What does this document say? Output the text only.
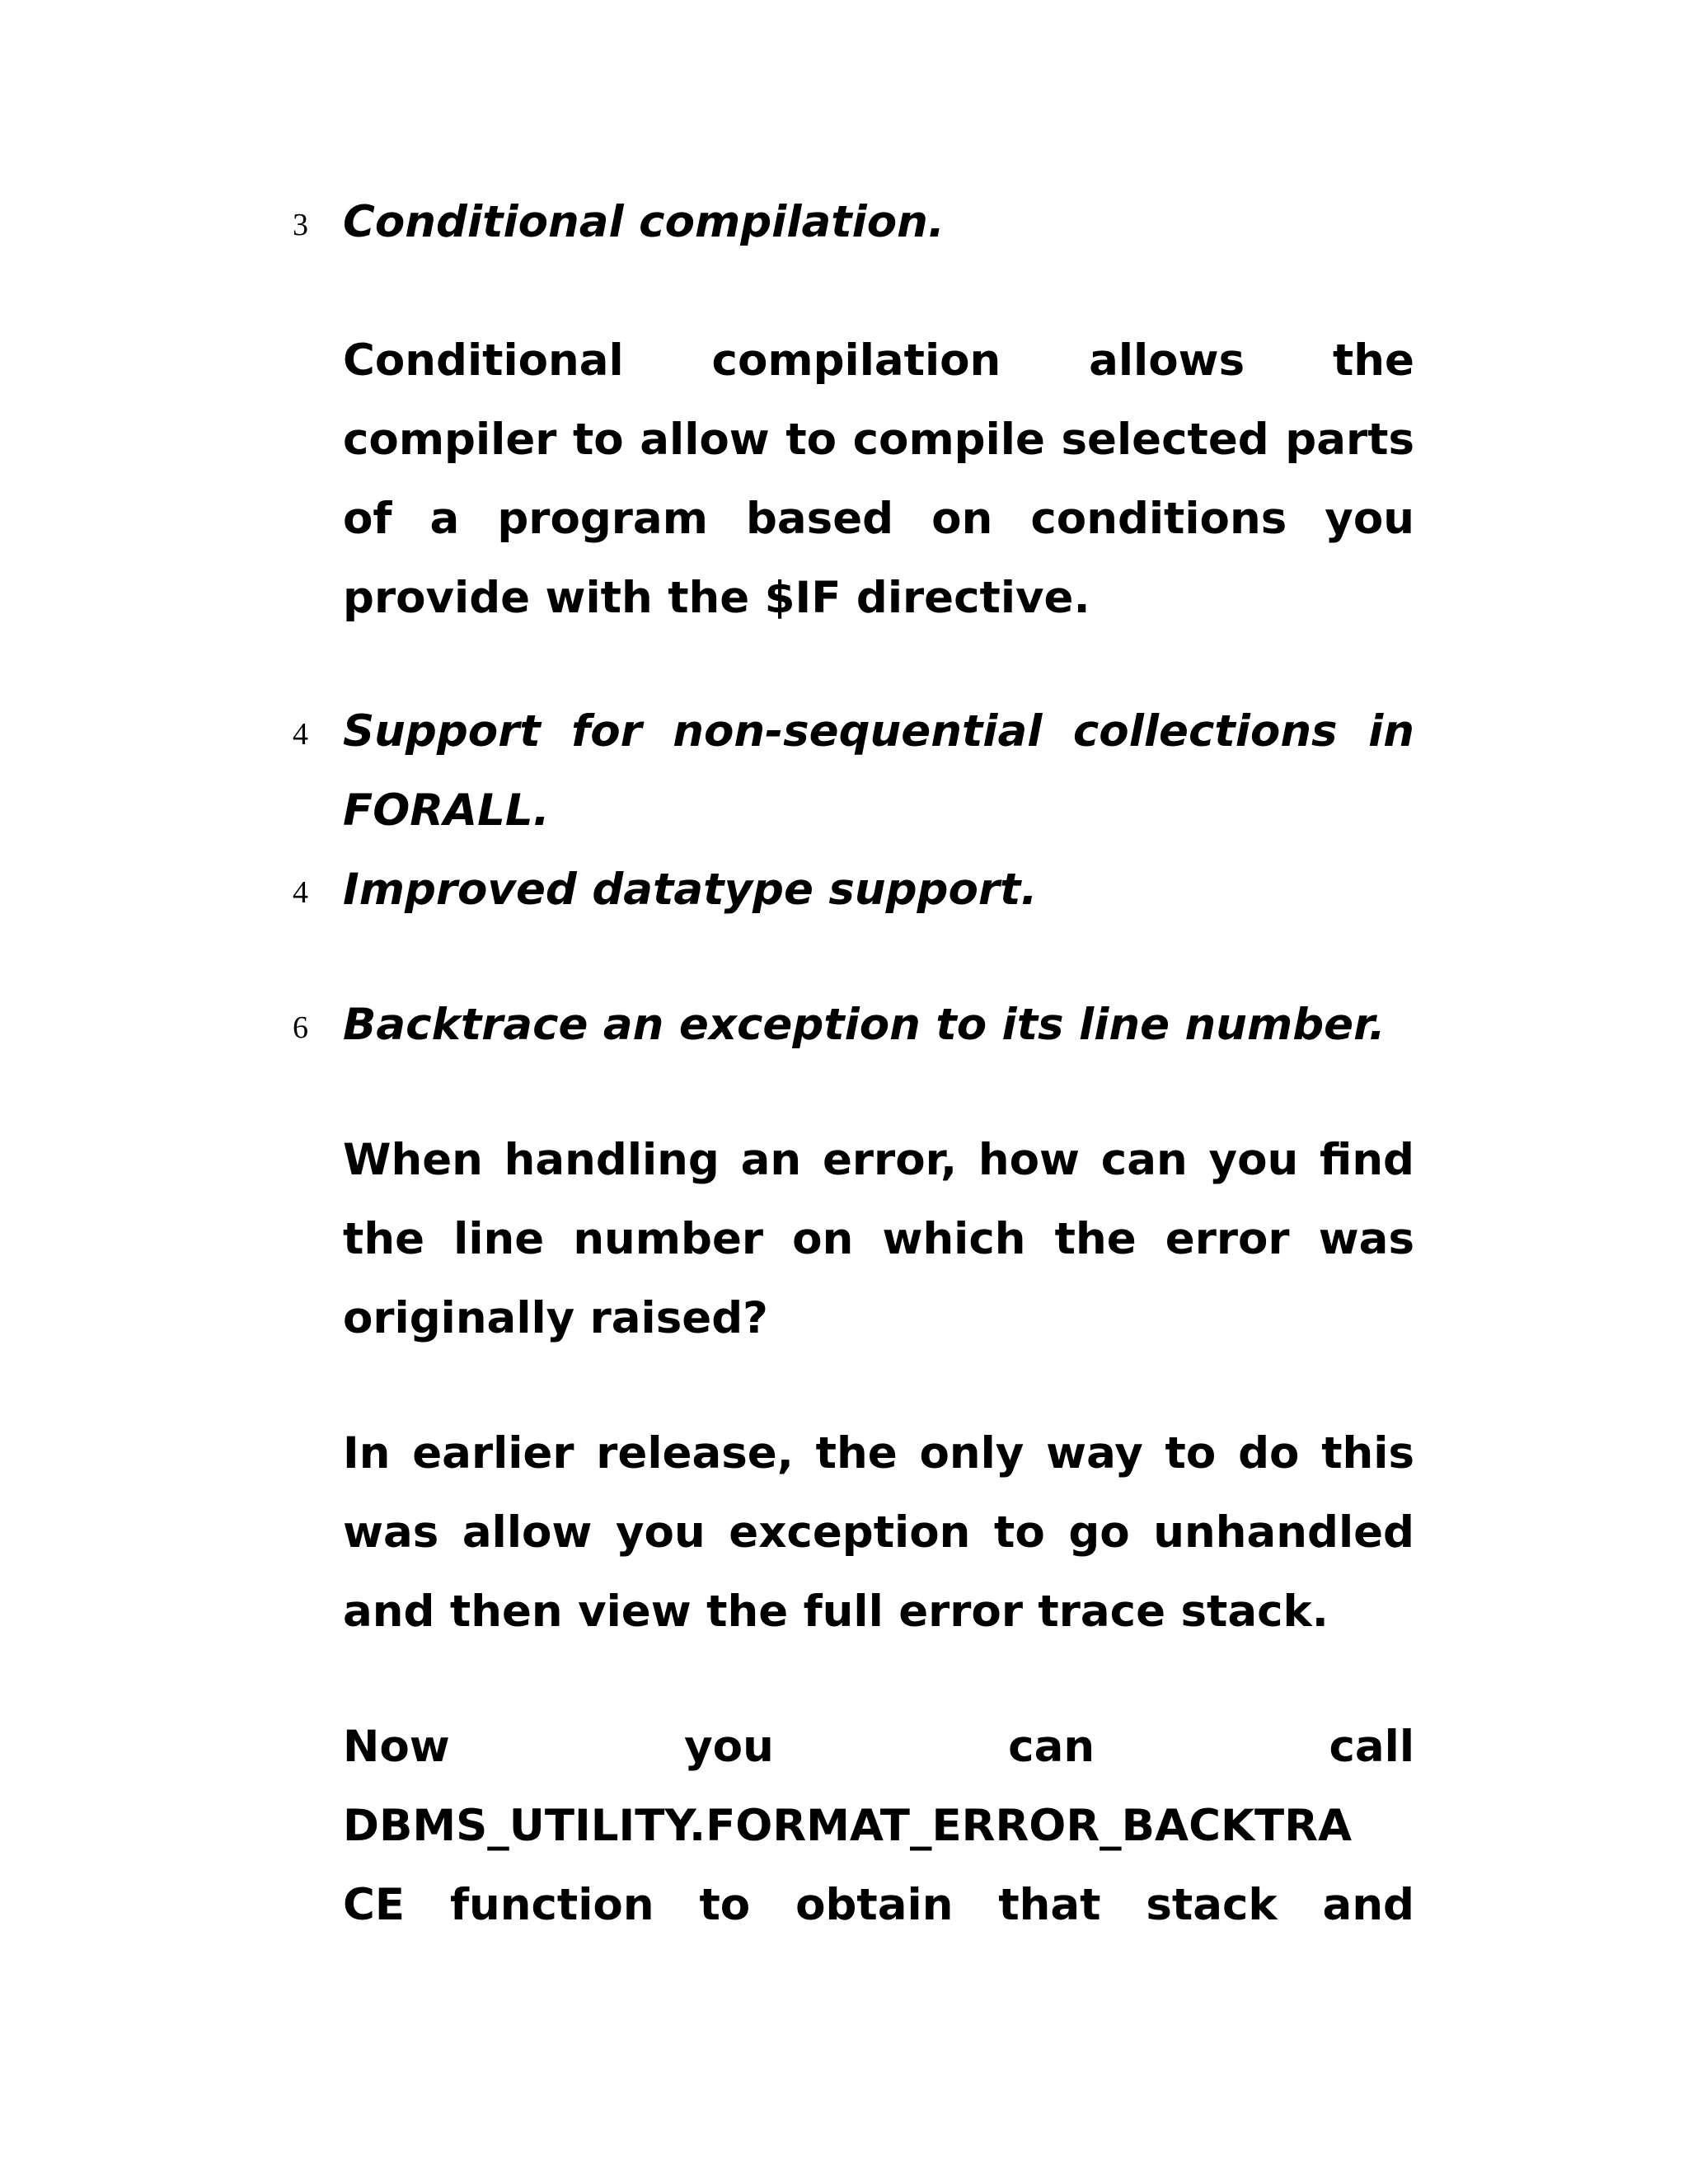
3 Conditional compilation.

Conditional compilation allows the compiler to allow to compile selected parts of a program based on conditions you provide with the $IF directive.

4 Support for non-sequential collections in FORALL.
4 Improved datatype support.
6 Backtrace an exception to its line number.

When handling an error, how can you find the line number on which the error was originally raised?

In earlier release, the only way to do this was allow you exception to go unhandled and then view the full error trace stack.

Now you can call
DBMS_UTILITY.FORMAT_ERROR_BACKTRA
CE function to obtain that stack and
